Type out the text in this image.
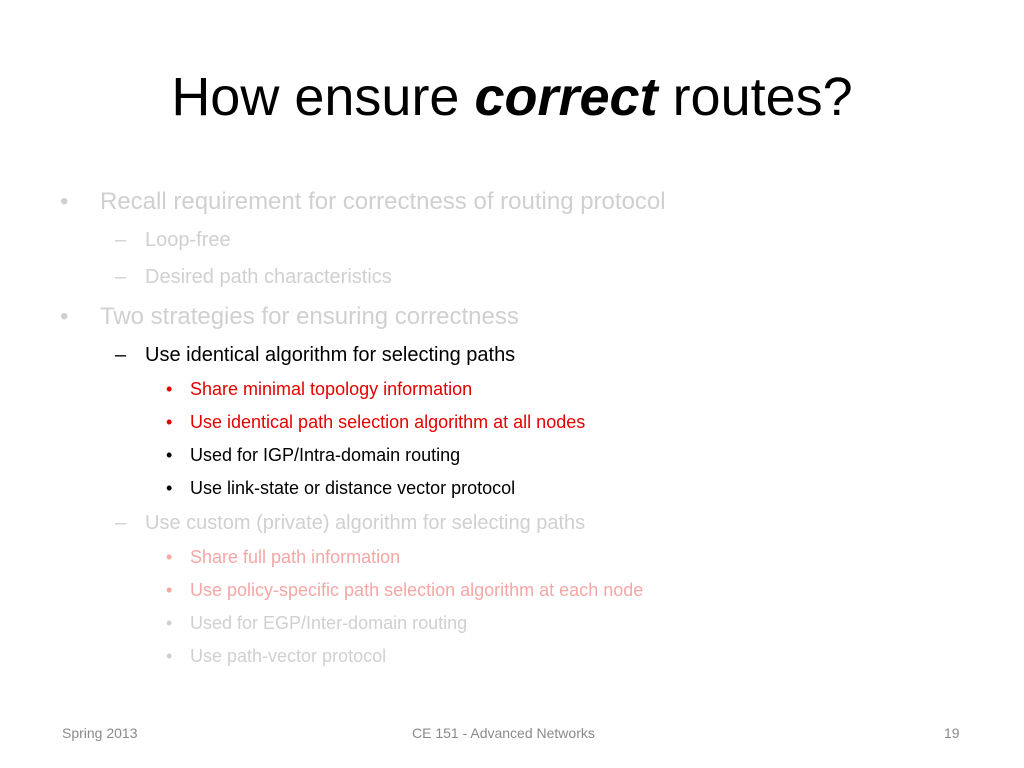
How ensure correct routes?
• Recall requirement for correctness of routing protocol
– Loop-free
– Desired path characteristics
• Two strategies for ensuring correctness
– Use identical algorithm for selecting paths
• Share minimal topology information
• Use identical path selection algorithm at all nodes
• Used for IGP/Intra-domain routing
• Use link-state or distance vector protocol
– Use custom (private) algorithm for selecting paths
• Share full path information
• Use policy-specific path selection algorithm at each node
• Used for EGP/Inter-domain routing
• Use path-vector protocol
Spring 2013	CE 151 - Advanced Networks	19
